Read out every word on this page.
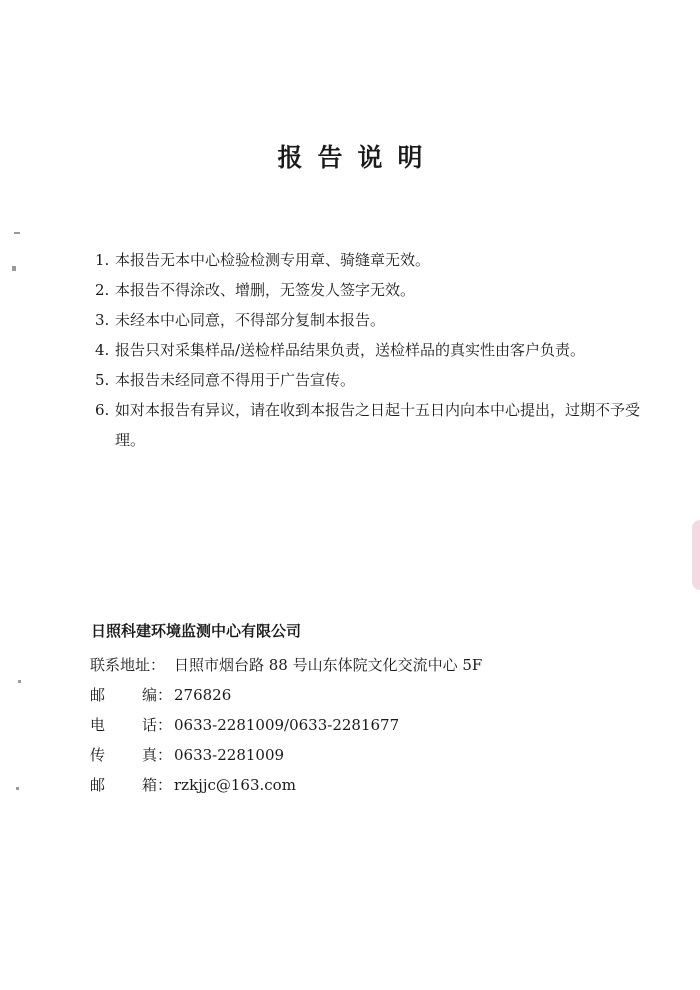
报告说明
1. 本报告无本中心检验检测专用章、骑缝章无效。
2. 本报告不得涂改、增删，无签发人签字无效。
3. 未经本中心同意，不得部分复制本报告。
4. 报告只对采集样品/送检样品结果负责，送检样品的真实性由客户负责。
5. 本报告未经同意不得用于广告宣传。
6. 如对本报告有异议，请在收到本报告之日起十五日内向本中心提出，过期不予受理。
日照科建环境监测中心有限公司
联系地址： 日照市烟台路 88 号山东体院文化交流中心 5F
邮 编： 276826
电 话： 0633-2281009/0633-2281677
传 真： 0633-2281009
邮 箱： rzkjjc@163.com
